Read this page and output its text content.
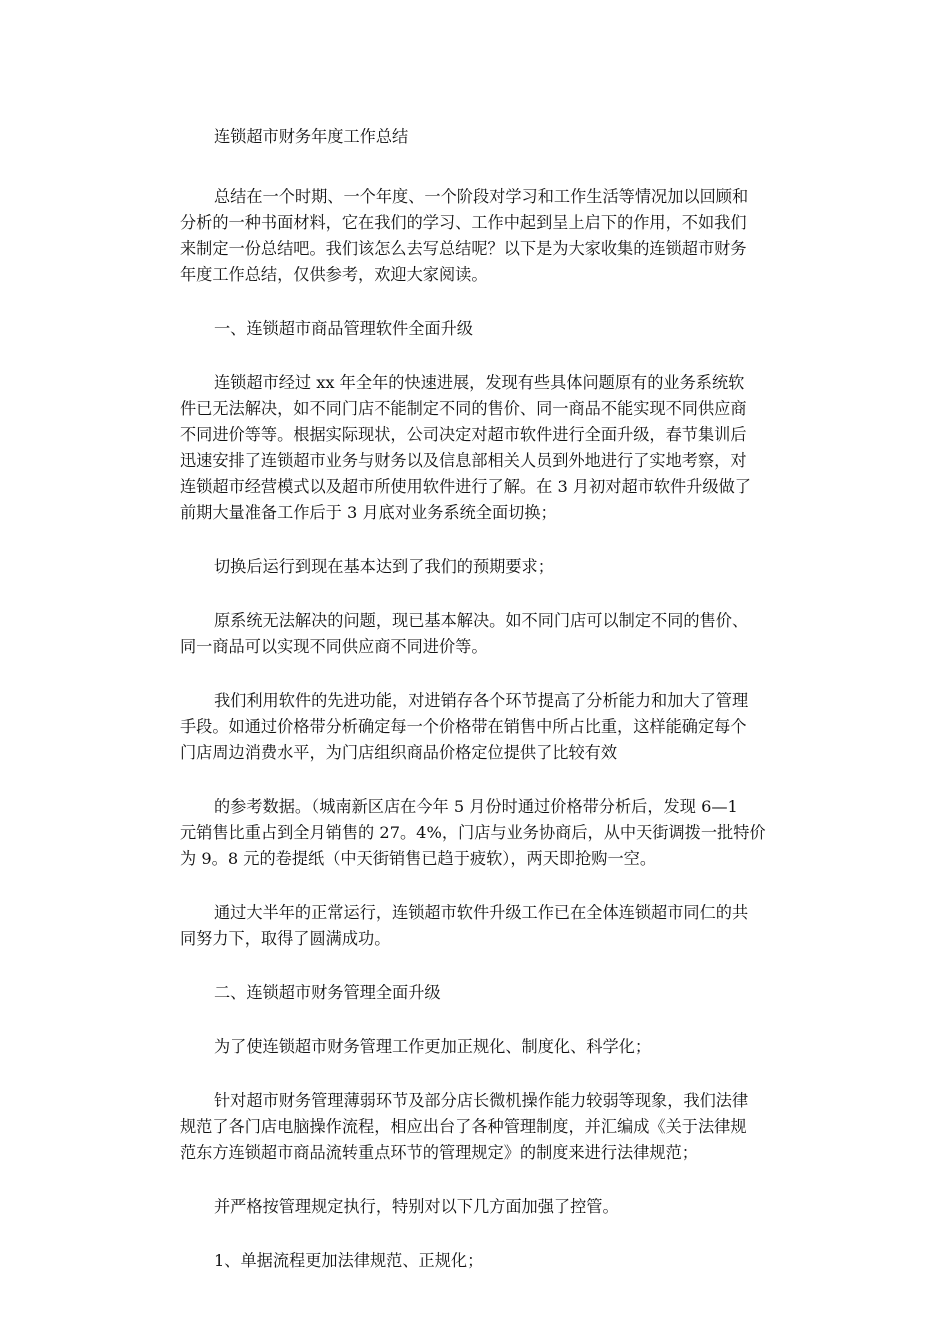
连锁超市财务年度工作总结

总结在一个时期、一个年度、一个阶段对学习和工作生活等情况加以回顾和
分析的一种书面材料，它在我们的学习、工作中起到呈上启下的作用，不如我们
来制定一份总结吧。我们该怎么去写总结呢？以下是为大家收集的连锁超市财务
年度工作总结，仅供参考，欢迎大家阅读。

一、连锁超市商品管理软件全面升级

连锁超市经过 xx 年全年的快速进展，发现有些具体问题原有的业务系统软
件已无法解决，如不同门店不能制定不同的售价、同一商品不能实现不同供应商
不同进价等等。根据实际现状，公司决定对超市软件进行全面升级，春节集训后
迅速安排了连锁超市业务与财务以及信息部相关人员到外地进行了实地考察，对
连锁超市经营模式以及超市所使用软件进行了解。在 3 月初对超市软件升级做了
前期大量准备工作后于 3 月底对业务系统全面切换；

切换后运行到现在基本达到了我们的预期要求；

原系统无法解决的问题，现已基本解决。如不同门店可以制定不同的售价、
同一商品可以实现不同供应商不同进价等。

我们利用软件的先进功能，对进销存各个环节提高了分析能力和加大了管理
手段。如通过价格带分析确定每一个价格带在销售中所占比重，这样能确定每个
门店周边消费水平，为门店组织商品价格定位提供了比较有效

的参考数据。（城南新区店在今年 5 月份时通过价格带分析后，发现 6—1
元销售比重占到全月销售的 27。4%，门店与业务协商后，从中天街调拨一批特价
为 9。8 元的卷提纸（中天街销售已趋于疲软），两天即抢购一空。

通过大半年的正常运行，连锁超市软件升级工作已在全体连锁超市同仁的共
同努力下，取得了圆满成功。

二、连锁超市财务管理全面升级

为了使连锁超市财务管理工作更加正规化、制度化、科学化；

针对超市财务管理薄弱环节及部分店长微机操作能力较弱等现象，我们法律
规范了各门店电脑操作流程，相应出台了各种管理制度，并汇编成《关于法律规
范东方连锁超市商品流转重点环节的管理规定》的制度来进行法律规范；

并严格按管理规定执行，特别对以下几方面加强了控管。

1、单据流程更加法律规范、正规化；
